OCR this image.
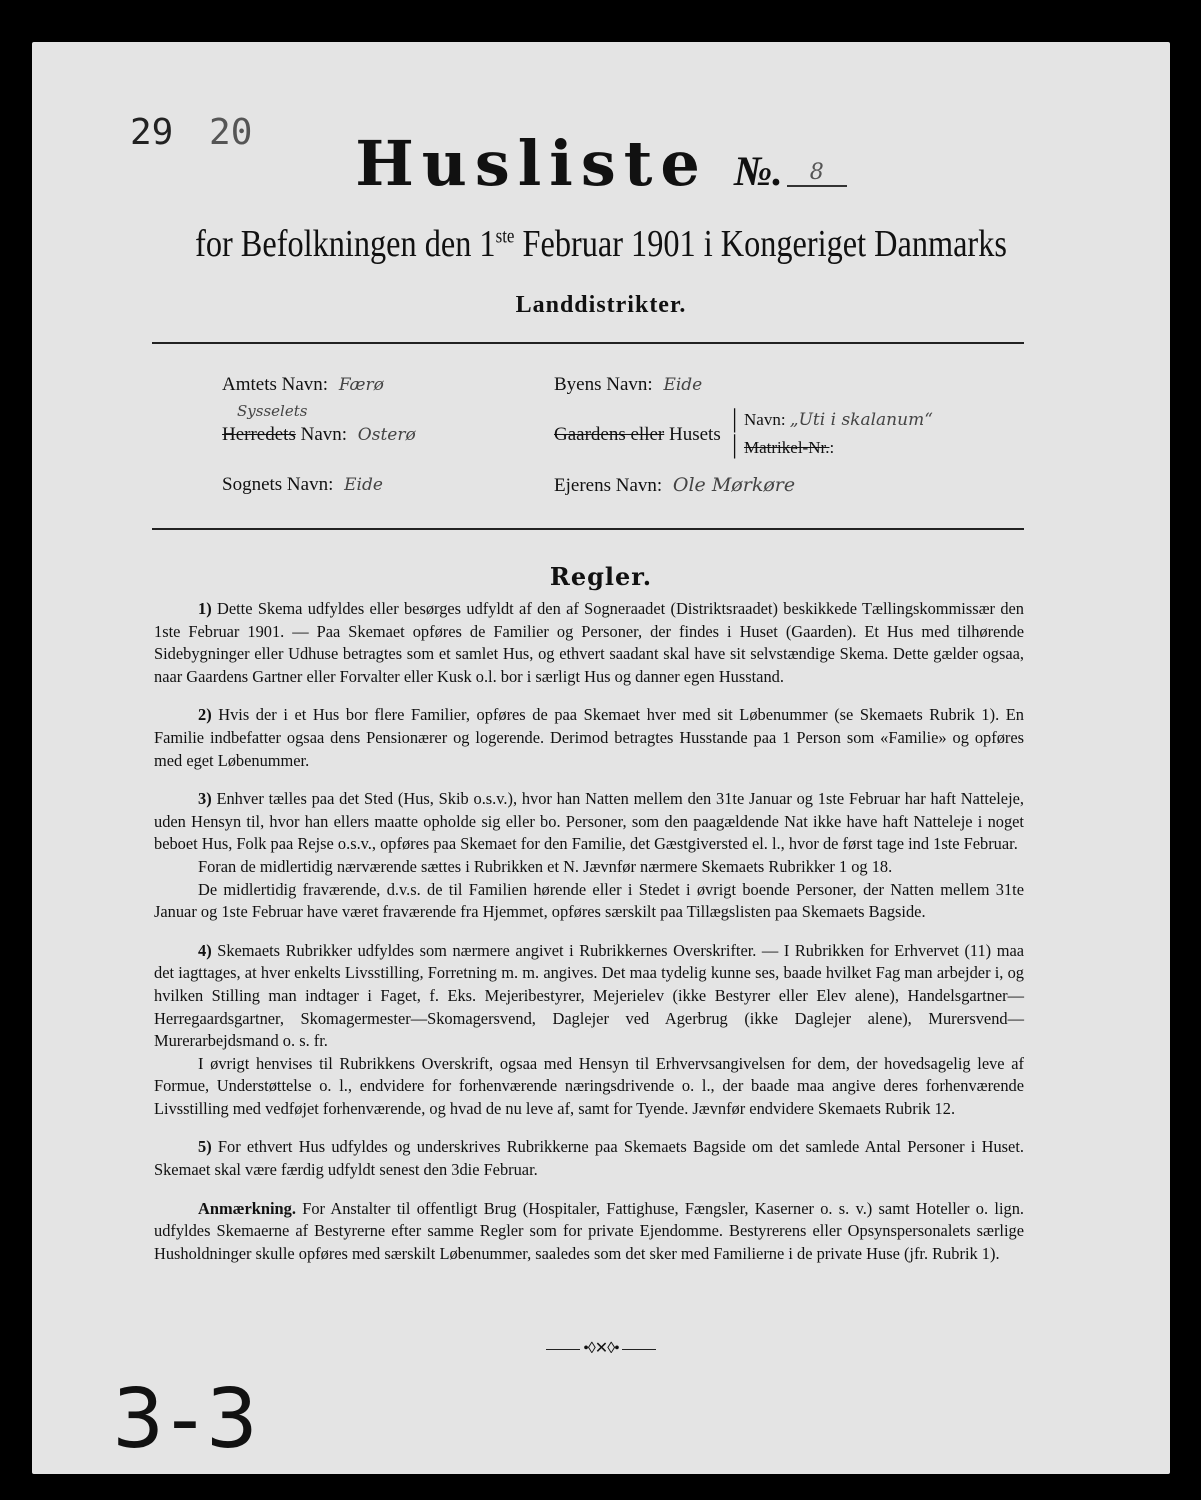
29 20	Husliste №. 8
for Befolkningen den 1ste Februar 1901 i Kongeriget Danmarks
Landdistrikter.
Amtets Navn: Færø	Byens Navn: Eide
Sysselets
Herredets Navn: Osterø	Gaardens eller Husets
|
|
Navn: „Uti i skalanum“
Matrikel-Nr.:
Sognets Navn: Eide	Ejerens Navn: Ole Mørkøre
Regler.

1) Dette Skema udfyldes eller besørges udfyldt af den af Sogneraadet (Distriktsraadet) beskikkede Tællingskommissær den 1ste Februar 1901. — Paa Skemaet opføres de Familier og Personer, der findes i Huset (Gaarden). Et Hus med tilhørende Sidebygninger eller Udhuse betragtes som et samlet Hus, og ethvert saadant skal have sit selvstændige Skema. Dette gælder ogsaa, naar Gaardens Gartner eller Forvalter eller Kusk o.l. bor i særligt Hus og danner egen Husstand.

2) Hvis der i et Hus bor flere Familier, opføres de paa Skemaet hver med sit Løbenummer (se Skemaets Rubrik 1). En Familie indbefatter ogsaa dens Pensionærer og logerende. Derimod betragtes Husstande paa 1 Person som «Familie» og opføres med eget Løbenummer.

3) Enhver tælles paa det Sted (Hus, Skib o.s.v.), hvor han Natten mellem den 31te Januar og 1ste Februar har haft Natteleje, uden Hensyn til, hvor han ellers maatte opholde sig eller bo. Personer, som den paagældende Nat ikke have haft Natteleje i noget beboet Hus, Folk paa Rejse o.s.v., opføres paa Skemaet for den Familie, det Gæstgiversted el. l., hvor de først tage ind 1ste Februar.

Foran de midlertidig nærværende sættes i Rubrikken et N. Jævnfør nærmere Skemaets Rubrikker 1 og 18.

De midlertidig fraværende, d.v.s. de til Familien hørende eller i Stedet i øvrigt boende Personer, der Natten mellem 31te Januar og 1ste Februar have været fraværende fra Hjemmet, opføres særskilt paa Tillægslisten paa Skemaets Bagside.

4) Skemaets Rubrikker udfyldes som nærmere angivet i Rubrikkernes Overskrifter. — I Rubrikken for Erhvervet (11) maa det iagttages, at hver enkelts Livsstilling, Forretning m. m. angives. Det maa tydelig kunne ses, baade hvilket Fag man arbejder i, og hvilken Stilling man indtager i Faget, f. Eks. Mejeribestyrer, Mejerielev (ikke Bestyrer eller Elev alene), Handelsgartner—Herregaardsgartner, Skomagermester—Skomagersvend, Daglejer ved Agerbrug (ikke Daglejer alene), Murersvend—Murerarbejdsmand o. s. fr.

I øvrigt henvises til Rubrikkens Overskrift, ogsaa med Hensyn til Erhvervsangivelsen for dem, der hovedsagelig leve af Formue, Understøttelse o. l., endvidere for forhenværende næringsdrivende o. l., der baade maa angive deres forhenværende Livsstilling med vedføjet forhenværende, og hvad de nu leve af, samt for Tyende. Jævnfør endvidere Skemaets Rubrik 12.

5) For ethvert Hus udfyldes og underskrives Rubrikkerne paa Skemaets Bagside om det samlede Antal Personer i Huset. Skemaet skal være færdig udfyldt senest den 3die Februar.

Anmærkning. For Anstalter til offentligt Brug (Hospitaler, Fattighuse, Fængsler, Kaserner o. s. v.) samt Hoteller o. lign. udfyldes Skemaerne af Bestyrerne efter samme Regler som for private Ejendomme. Bestyrerens eller Opsynspersonalets særlige Husholdninger skulle opføres med særskilt Løbenummer, saaledes som det sker med Familierne i de private Huse (jfr. Rubrik 1).

•◊✕◊•
3-3
